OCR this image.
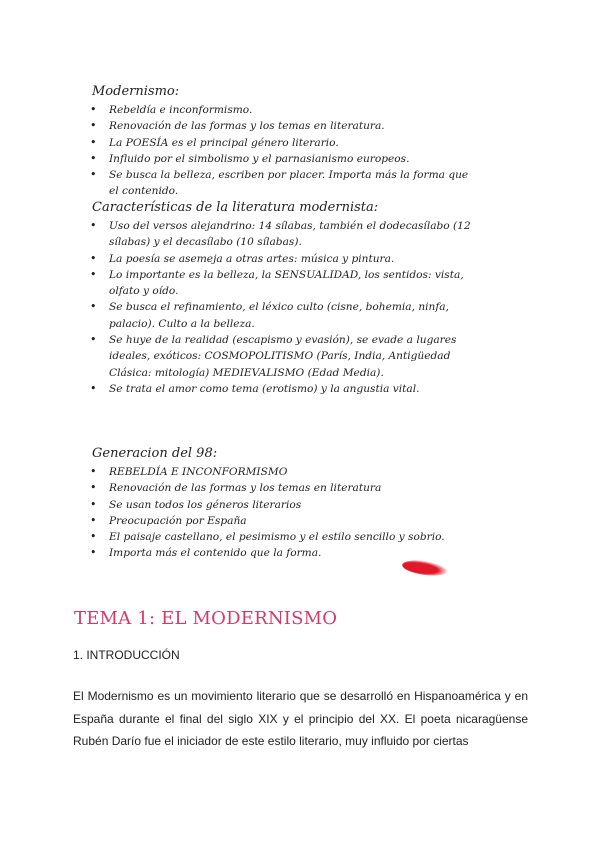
Modernismo:
• Rebeldía e inconformismo.
• Renovación de las formas y los temas en literatura.
• La POESÍA es el principal género literario.
• Influido por el simbolismo y el parnasianismo europeos.
• Se busca la belleza, escriben por placer. Importa más la forma que el contenido.
Características de la literatura modernista:
• Uso del versos alejandrino: 14 sílabas, también el dodecasílabo (12 sílabas) y el decasílabo (10 sílabas).
• La poesía se asemeja a otras artes: música y pintura.
• Lo importante es la belleza, la SENSUALIDAD, los sentidos: vista, olfato y oído.
• Se busca el refinamiento, el léxico culto (cisne, bohemia, ninfa, palacio). Culto a la belleza.
• Se huye de la realidad (escapismo y evasión), se evade a lugares ideales, exóticos: COSMOPOLITISMO (París, India, Antigüedad Clásica: mitología) MEDIEVALISMO (Edad Media).
• Se trata el amor como tema (erotismo) y la angustia vital.
Generacion del 98:
• REBELDÍA E INCONFORMISMO
• Renovación de las formas y los temas en literatura
• Se usan todos los géneros literarios
• Preocupación por España
• El paisaje castellano, el pesimismo y el estilo sencillo y sobrio.
• Importa más el contenido que la forma.
TEMA 1: EL MODERNISMO
1. INTRODUCCIÓN
El Modernismo es un movimiento literario que se desarrolló en Hispanoamérica y en España durante el final del siglo XIX y el principio del XX. El poeta nicaragüense Rubén Darío fue el iniciador de este estilo literario, muy influido por ciertas
